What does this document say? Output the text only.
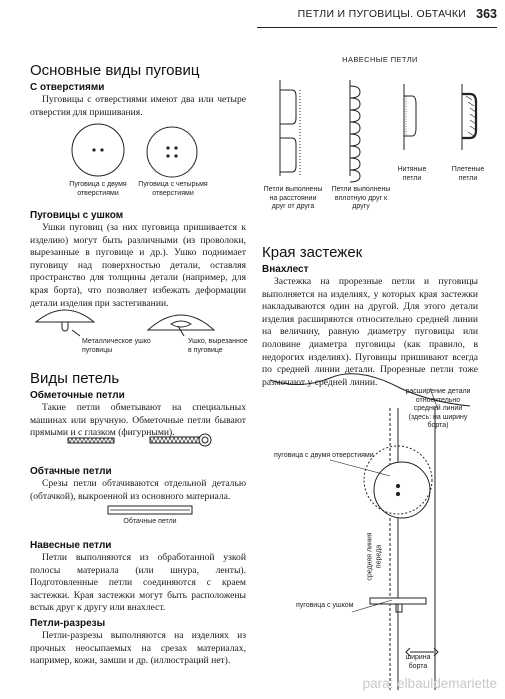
ПЕТЛИ И ПУГОВИЦЫ. ОБТАЧКИ 363
Основные виды пуговиц
С отверстиями
Пуговицы с отверстиями имеют два или четыре отверстия для пришивания.
Пуговица с двумя отверстиями
Пуговица с четырьмя отверстиями
Пуговицы с ушком
Ушки пуговиц (за них пуговица пришивается к изделию) могут быть различными (из проволоки, вырезанные в пуговице и др.). Ушко поднимает пуговицу над поверхностью детали, оставляя пространство для толщины детали (например, для края борта), что позволяет избежать деформации детали изделия при застегивании.
Металлическое ушко пуговицы
Ушко, вырезанное в пуговице
Виды петель
Обметочные петли
Такие петли обметывают на специальных машинах или вручную. Обметочные петли бывают прямыми и с глазком (фигурными).
Обтачные петли
Срезы петли обтачиваются отдельной деталью (обтачкой), выкроенной из основного материала.
Обтачные петли
Навесные петли
Петли выполняются из обработанной узкой полосы материала (или шнура, ленты). Подготовленные петли соединяются с краем застежки. Края застежки могут быть расположены встык друг к другу или внахлест.
Петли-разрезы
Петли-разрезы выполняются на изделиях из прочных неосыпаемых на срезах материалах, например, кожи, замши и др. (иллюстраций нет).
НАВЕСНЫЕ ПЕТЛИ
Петли выполнены на расстоянии друг от друга
Петли выполнены вплотную друг к другу
Нитяные петли
Плетеные петли
Края застежек
Внахлест
Застежка на прорезные петли и пуговицы выполняется на изделиях, у которых края застежки накладываются один на другой. Для этого детали изделия расширяются относительно средней линии на величину, равную диаметру пуговицы или половине диаметра пуговицы (как правило, в недорогих изделиях). Пуговицы пришивают всегда по средней линии детали. Прорезные петли тоже размечают у средней линии.
расширение детали относительно средней линии (здесь: на ширину борта)
пуговица с двумя отверстиями
средняя линия переда
пуговица с ушком
ширина борта
para: elbauldemariette
